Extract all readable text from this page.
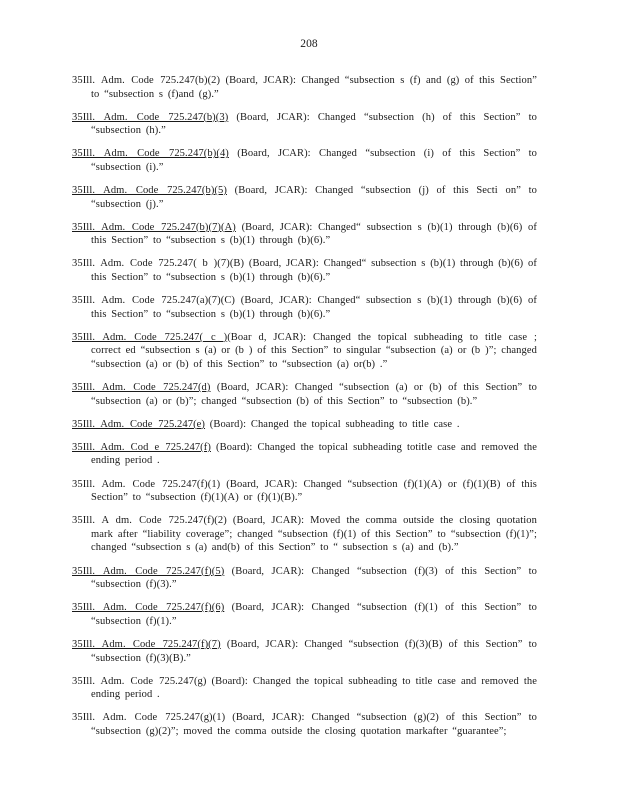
208

35Ill. Adm. Code 725.247(b)(2) (Board, JCAR): Changed “subsection s (f) and (g) of this Section” to “subsection s (f)and (g).”

35Ill. Adm. Code 725.247(b)(3) (Board, JCAR): Changed “subsection (h) of this Section” to “subsection (h).”

35Ill. Adm. Code 725.247(b)(4) (Board, JCAR): Changed “subsection (i) of this Section” to “subsection (i).”

35Ill. Adm. Code 725.247(b)(5) (Board, JCAR): Changed “subsection (j) of this Secti on” to “subsection (j).”

35Ill. Adm. Code 725.247(b)(7)(A) (Board, JCAR): Changed“ subsection s (b)(1) through (b)(6) of this Section” to “subsection s (b)(1) through (b)(6).”

35Ill. Adm. Code 725.247( b )(7)(B) (Board, JCAR): Changed“ subsection s (b)(1) through (b)(6) of this Section” to “subsection s (b)(1) through (b)(6).”

35Ill. Adm. Code 725.247(a)(7)(C) (Board, JCAR): Changed“ subsection s (b)(1) through (b)(6) of this Section” to “subsection s (b)(1) through (b)(6).”

35Ill. Adm. Code 725.247( c )(Boar d, JCAR): Changed the topical subheading to title case ; correct ed “subsection s (a) or (b ) of this Section” to singular “subsection (a) or (b )”; changed “subsection (a) or (b) of this Section” to “subsection (a) or(b) .”

35Ill. Adm. Code 725.247(d) (Board, JCAR): Changed “subsection (a) or (b) of this Section” to “subsection (a) or (b)”; changed “subsection (b) of this Section” to “subsection (b).”

35Ill. Adm. Code 725.247(e) (Board): Changed the topical subheading to title case .

35Ill. Adm. Cod e 725.247(f) (Board): Changed the topical subheading totitle case and removed the ending period .

35Ill. Adm. Code 725.247(f)(1) (Board, JCAR): Changed “subsection (f)(1)(A) or (f)(1)(B) of this Section” to “subsection (f)(1)(A) or (f)(1)(B).”

35Ill. A dm. Code 725.247(f)(2) (Board, JCAR): Moved the comma outside the closing quotation mark after “liability coverage”; changed “subsection (f)(1) of this Section” to “subsection (f)(1)”; changed “subsection s (a) and(b) of this Section” to “ subsection s (a) and (b).”

35Ill. Adm. Code 725.247(f)(5) (Board, JCAR): Changed “subsection (f)(3) of this Section” to “subsection (f)(3).”

35Ill. Adm. Code 725.247(f)(6) (Board, JCAR): Changed “subsection (f)(1) of this Section” to “subsection (f)(1).”

35Ill. Adm. Code 725.247(f)(7) (Board, JCAR): Changed “subsection (f)(3)(B) of this Section” to “subsection (f)(3)(B).”

35Ill. Adm. Code 725.247(g) (Board): Changed the topical subheading to title case and removed the ending period .

35Ill. Adm. Code 725.247(g)(1) (Board, JCAR): Changed “subsection (g)(2) of this Section” to “subsection (g)(2)”; moved the comma outside the closing quotation markafter “guarantee”;
